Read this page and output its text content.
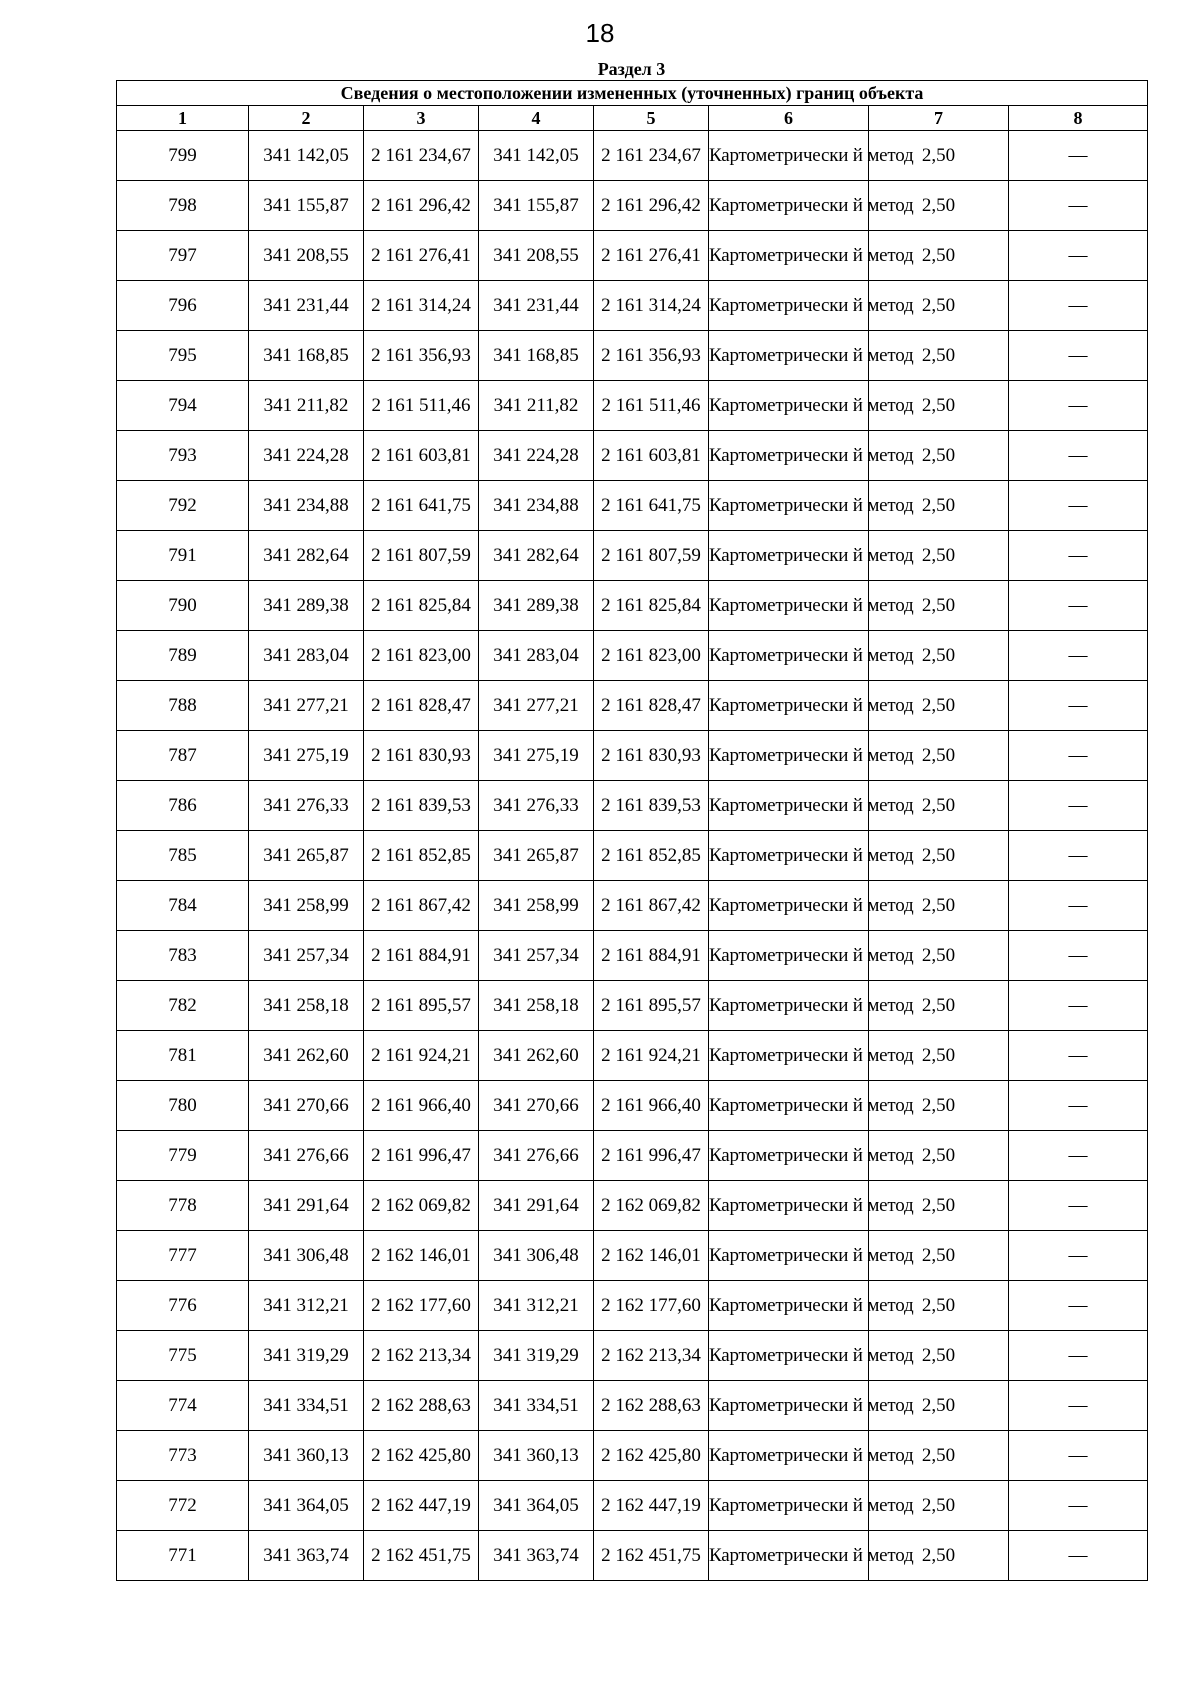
18
Раздел 3
Сведения о местоположении измененных (уточненных) границ объекта							
1	2	3	4	5	6	7	8
799	341 142,05	2 161 234,67	341 142,05	2 161 234,67	Картометрически й метод	2,50	—
798	341 155,87	2 161 296,42	341 155,87	2 161 296,42	Картометрически й метод	2,50	—
797	341 208,55	2 161 276,41	341 208,55	2 161 276,41	Картометрически й метод	2,50	—
796	341 231,44	2 161 314,24	341 231,44	2 161 314,24	Картометрически й метод	2,50	—
795	341 168,85	2 161 356,93	341 168,85	2 161 356,93	Картометрически й метод	2,50	—
794	341 211,82	2 161 511,46	341 211,82	2 161 511,46	Картометрически й метод	2,50	—
793	341 224,28	2 161 603,81	341 224,28	2 161 603,81	Картометрически й метод	2,50	—
792	341 234,88	2 161 641,75	341 234,88	2 161 641,75	Картометрически й метод	2,50	—
791	341 282,64	2 161 807,59	341 282,64	2 161 807,59	Картометрически й метод	2,50	—
790	341 289,38	2 161 825,84	341 289,38	2 161 825,84	Картометрически й метод	2,50	—
789	341 283,04	2 161 823,00	341 283,04	2 161 823,00	Картометрически й метод	2,50	—
788	341 277,21	2 161 828,47	341 277,21	2 161 828,47	Картометрически й метод	2,50	—
787	341 275,19	2 161 830,93	341 275,19	2 161 830,93	Картометрически й метод	2,50	—
786	341 276,33	2 161 839,53	341 276,33	2 161 839,53	Картометрически й метод	2,50	—
785	341 265,87	2 161 852,85	341 265,87	2 161 852,85	Картометрически й метод	2,50	—
784	341 258,99	2 161 867,42	341 258,99	2 161 867,42	Картометрически й метод	2,50	—
783	341 257,34	2 161 884,91	341 257,34	2 161 884,91	Картометрически й метод	2,50	—
782	341 258,18	2 161 895,57	341 258,18	2 161 895,57	Картометрически й метод	2,50	—
781	341 262,60	2 161 924,21	341 262,60	2 161 924,21	Картометрически й метод	2,50	—
780	341 270,66	2 161 966,40	341 270,66	2 161 966,40	Картометрически й метод	2,50	—
779	341 276,66	2 161 996,47	341 276,66	2 161 996,47	Картометрически й метод	2,50	—
778	341 291,64	2 162 069,82	341 291,64	2 162 069,82	Картометрически й метод	2,50	—
777	341 306,48	2 162 146,01	341 306,48	2 162 146,01	Картометрически й метод	2,50	—
776	341 312,21	2 162 177,60	341 312,21	2 162 177,60	Картометрически й метод	2,50	—
775	341 319,29	2 162 213,34	341 319,29	2 162 213,34	Картометрически й метод	2,50	—
774	341 334,51	2 162 288,63	341 334,51	2 162 288,63	Картометрически й метод	2,50	—
773	341 360,13	2 162 425,80	341 360,13	2 162 425,80	Картометрически й метод	2,50	—
772	341 364,05	2 162 447,19	341 364,05	2 162 447,19	Картометрически й метод	2,50	—
771	341 363,74	2 162 451,75	341 363,74	2 162 451,75	Картометрически й метод	2,50	—
